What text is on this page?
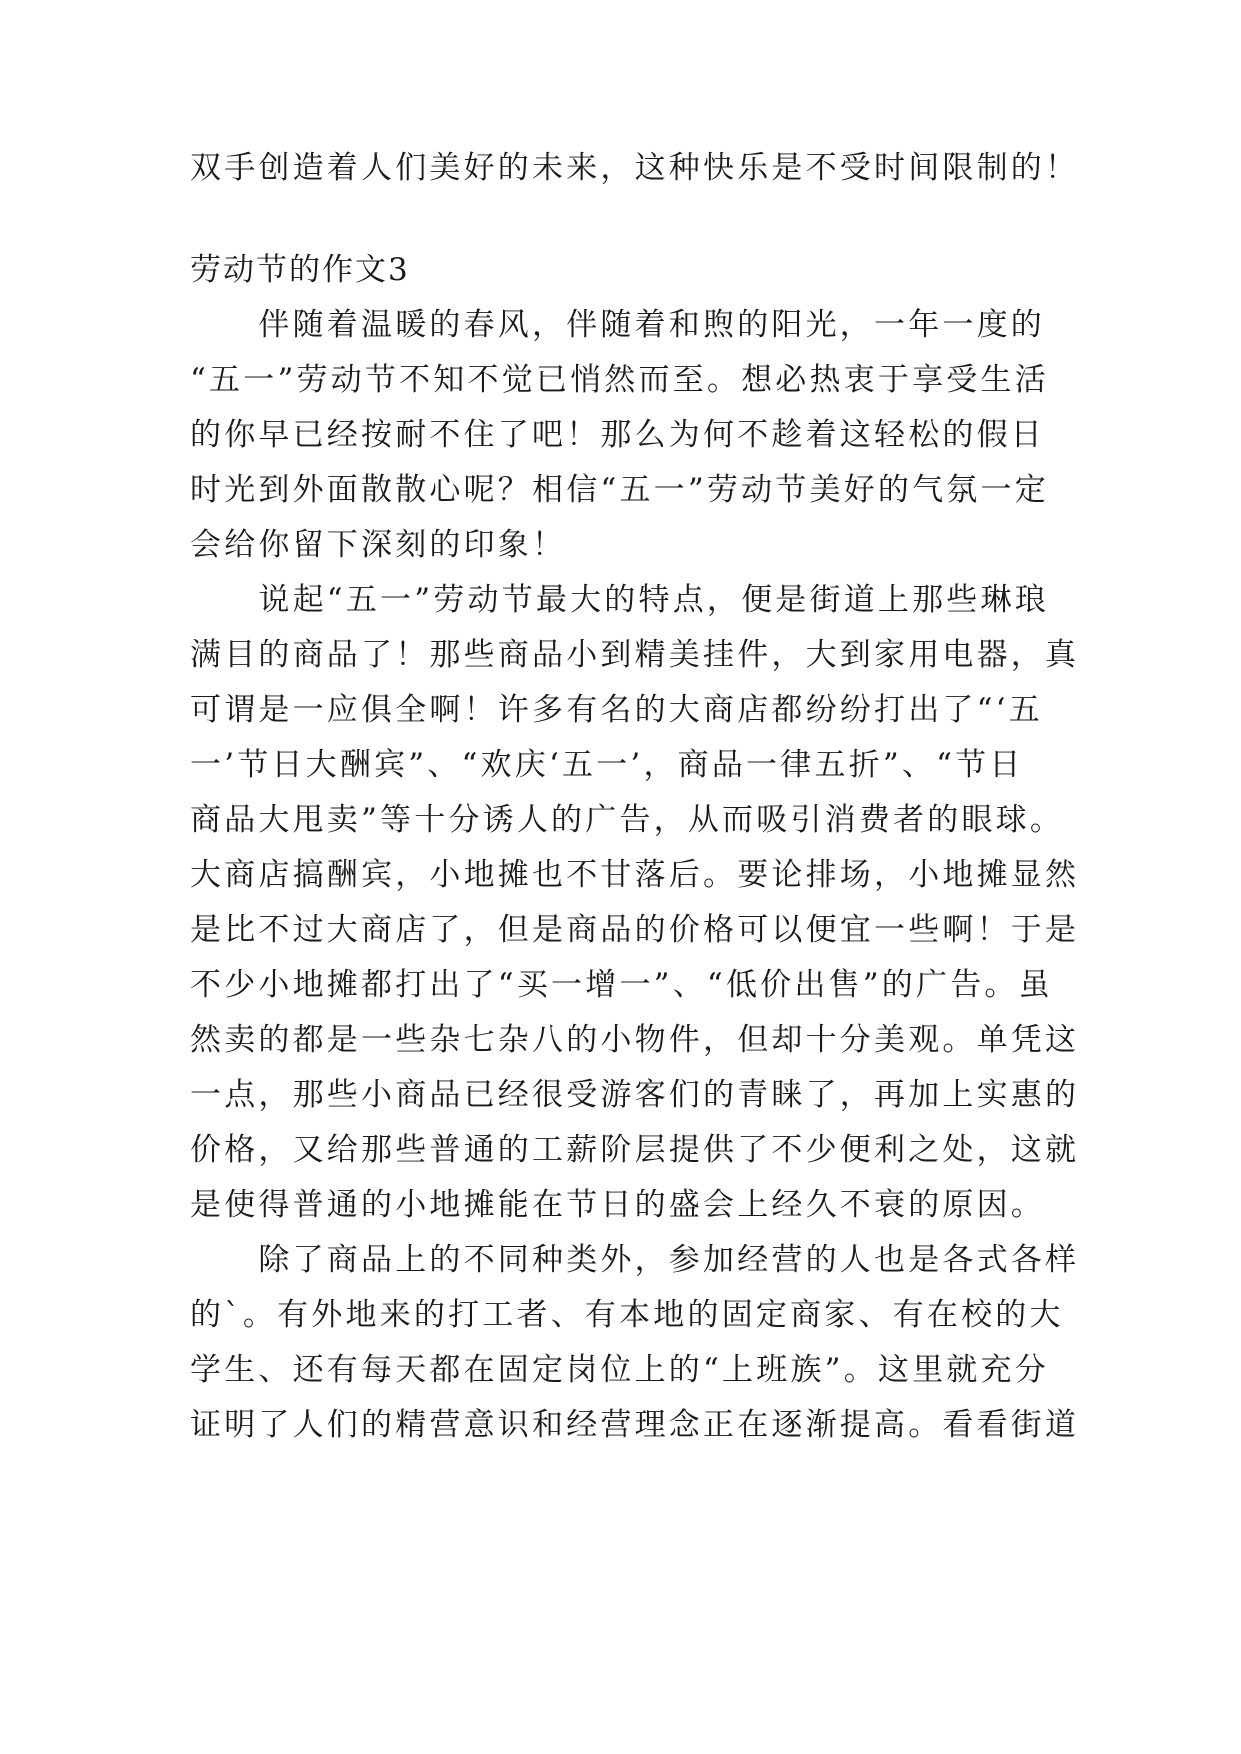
双手创造着人们美好的未来，这种快乐是不受时间限制的！

劳动节的作文3

　　伴随着温暖的春风，伴随着和煦的阳光，一年一度的

“五一”劳动节不知不觉已悄然而至。想必热衷于享受生活

的你早已经按耐不住了吧！那么为何不趁着这轻松的假日

时光到外面散散心呢？相信“五一”劳动节美好的气氛一定

会给你留下深刻的印象！

　　说起“五一”劳动节最大的特点，便是街道上那些琳琅

满目的商品了！那些商品小到精美挂件，大到家用电器，真

可谓是一应俱全啊！许多有名的大商店都纷纷打出了“‘五

一’节日大酬宾”、“欢庆‘五一’，商品一律五折”、“节日

商品大甩卖”等十分诱人的广告，从而吸引消费者的眼球。

大商店搞酬宾，小地摊也不甘落后。要论排场，小地摊显然

是比不过大商店了，但是商品的价格可以便宜一些啊！于是

不少小地摊都打出了“买一增一”、“低价出售”的广告。虽

然卖的都是一些杂七杂八的小物件，但却十分美观。单凭这

一点，那些小商品已经很受游客们的青睐了，再加上实惠的

价格，又给那些普通的工薪阶层提供了不少便利之处，这就

是使得普通的小地摊能在节日的盛会上经久不衰的原因。

　　除了商品上的不同种类外，参加经营的人也是各式各样

的`。有外地来的打工者、有本地的固定商家、有在校的大

学生、还有每天都在固定岗位上的“上班族”。这里就充分

证明了人们的精营意识和经营理念正在逐渐提高。看看街道
